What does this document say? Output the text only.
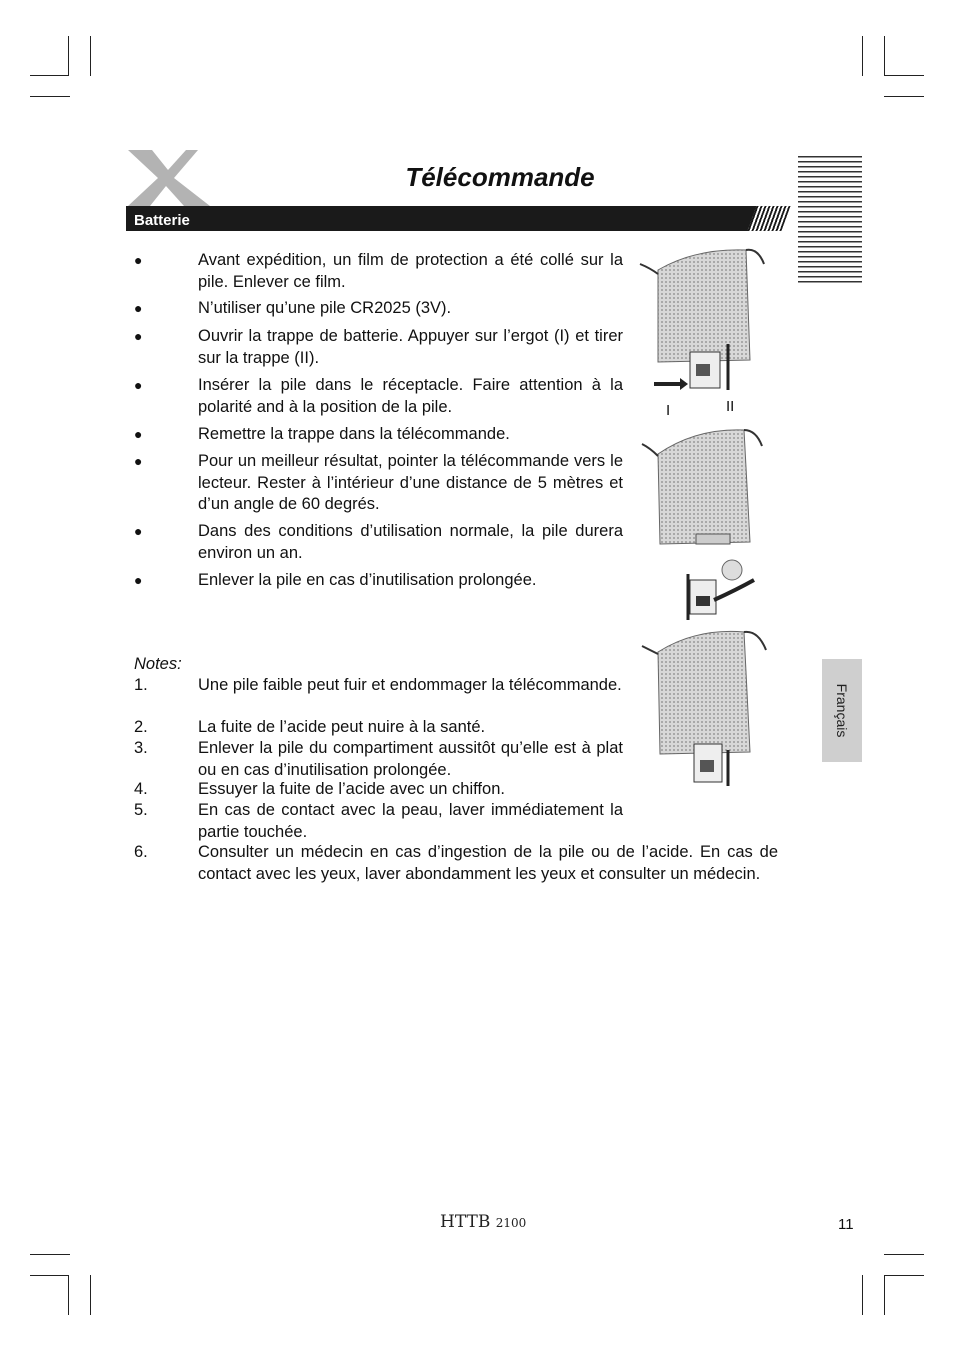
Télécommande
Batterie
Français
●	Avant expédition, un film de protection a été collé sur la pile. Enlever ce film.
●	N’utiliser qu’une pile CR2025 (3V).
●	Ouvrir la trappe de batterie. Appuyer sur l’ergot (I) et tirer sur la trappe (II).
●	Insérer la pile dans le réceptacle. Faire attention à la polarité and à la position de la pile.
●	Remettre la trappe dans la télécommande.
●	Pour un meilleur résultat, pointer la télécommande vers le lecteur. Rester à l’intérieur d’une distance de 5 mètres et d’un angle de 60 degrés.
●	Dans des conditions d’utilisation normale, la pile durera environ un an.
●	Enlever la pile en cas d’inutilisation prolongée.
Notes:
1.	Une pile faible peut fuir et endommager la télécommande.
2.	La fuite de l’acide peut nuire à la santé.
3.	Enlever la pile du compartiment aussitôt qu’elle est à plat ou en cas d’inutilisation prolongée.
4.	Essuyer la fuite de l’acide avec un chiffon.
5.	En cas de contact avec la peau, laver immédiatement la partie touchée.
6.	Consulter un médecin en cas d’ingestion de la pile ou de l’acide. En cas de contact avec les yeux, laver abondamment les yeux et consulter un médecin.
I	II
HTTB 2100	11
